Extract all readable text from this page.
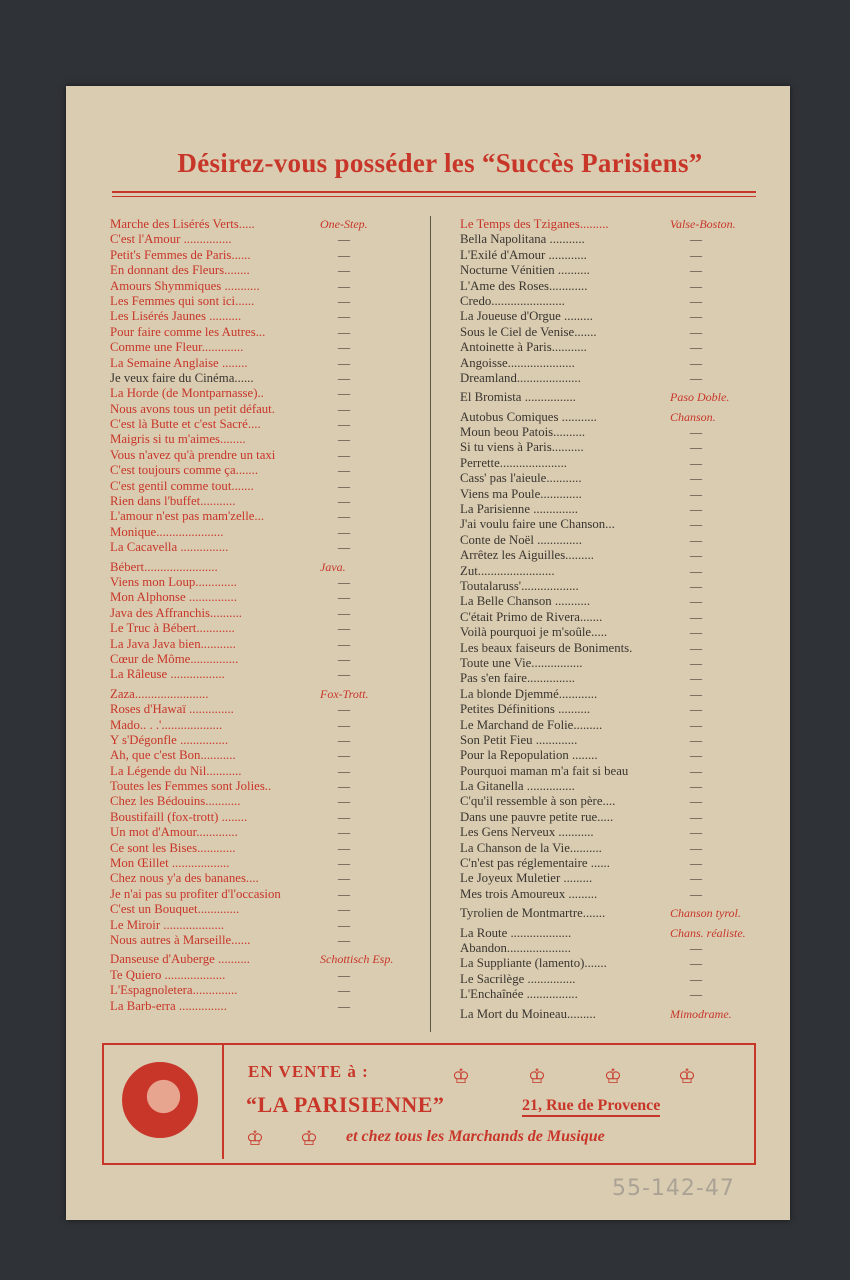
Désirez-vous posséder les “Succès Parisiens”
Marche des Lisérés Verts.....	One-Step.
C'est l'Amour ...............	—
Petit's Femmes de Paris......	—
En donnant des Fleurs........	—
Amours Shymmiques ...........	—
Les Femmes qui sont ici......	—
Les Lisérés Jaunes ..........	—
Pour faire comme les Autres...	—
Comme une Fleur.............	—
La Semaine Anglaise ........	—
Je veux faire du Cinéma......	—
La Horde (de Montparnasse)..	—
Nous avons tous un petit défaut.	—
C'est là Butte et c'est Sacré....	—
Maigris si tu m'aimes........	—
Vous n'avez qu'à prendre un taxi	—
C'est toujours comme ça.......	—
C'est gentil comme tout.......	—
Rien dans l'buffet...........	—
L'amour n'est pas mam'zelle...	—
Monique.....................	—
La Cacavella ...............	—
Bébert.......................	Java.
Viens mon Loup.............	—
Mon Alphonse ...............	—
Java des Affranchis..........	—
Le Truc à Bébert............	—
La Java Java bien...........	—
Cœur de Môme...............	—
La Râleuse .................	—
Zaza.......................	Fox-Trott.
Roses d'Hawaï ..............	—
Mado.. . .'...................	—
Y s'Dégonfle ...............	—
Ah, que c'est Bon...........	—
La Légende du Nil...........	—
Toutes les Femmes sont Jolies..	—
Chez les Bédouins...........	—
Boustifaill (fox-trott) ........	—
Un mot d'Amour.............	—
Ce sont les Bises............	—
Mon Œillet ..................	—
Chez nous y'a des bananes....	—
Je n'ai pas su profiter d'l'occasion	—
C'est un Bouquet.............	—
Le Miroir ...................	—
Nous autres à Marseille......	—
Danseuse d'Auberge ..........	Schottisch Esp.
Te Quiero ...................	—
L'Espagnoletera..............	—
La Barb-erra ...............	—
Le Temps des Tziganes.........	Valse-Boston.
Bella Napolitana ...........	—
L'Exilé d'Amour ............	—
Nocturne Vénitien ..........	—
L'Ame des Roses............	—
Credo.......................	—
La Joueuse d'Orgue .........	—
Sous le Ciel de Venise.......	—
Antoinette à Paris...........	—
Angoisse.....................	—
Dreamland....................	—
El Bromista ................	Paso Doble.
Autobus Comiques ...........	Chanson.
Moun beou Patois..........	—
Si tu viens à Paris..........	—
Perrette.....................	—
Cass' pas l'aieule...........	—
Viens ma Poule.............	—
La Parisienne ..............	—
J'ai voulu faire une Chanson...	—
Conte de Noël ..............	—
Arrêtez les Aiguilles.........	—
Zut........................	—
Toutalaruss'..................	—
La Belle Chanson ...........	—
C'était Primo de Rivera.......	—
Voilà pourquoi je m'soûle.....	—
Les beaux faiseurs de Boniments.	—
Toute une Vie................	—
Pas s'en faire...............	—
La blonde Djemmé............	—
Petites Définitions ..........	—
Le Marchand de Folie.........	—
Son Petit Fieu .............	—
Pour la Repopulation ........	—
Pourquoi maman m'a fait si beau	—
La Gitanella ...............	—
C'qu'il ressemble à son père....	—
Dans une pauvre petite rue.....	—
Les Gens Nerveux ...........	—
La Chanson de la Vie..........	—
C'n'est pas réglementaire ......	—
Le Joyeux Muletier .........	—
Mes trois Amoureux .........	—
Tyrolien de Montmartre.......	Chanson tyrol.
La Route ...................	Chans. réaliste.
Abandon....................	—
La Suppliante (lamento).......	—
Le Sacrilège ...............	—
L'Enchaînée ................	—
La Mort du Moineau.........	Mimodrame.
EN VENTE à :
“LA PARISIENNE”	21, Rue de Provence
et chez tous les Marchands de Musique
♔	♔	♔	♔
♔ ♔
55-142-47
